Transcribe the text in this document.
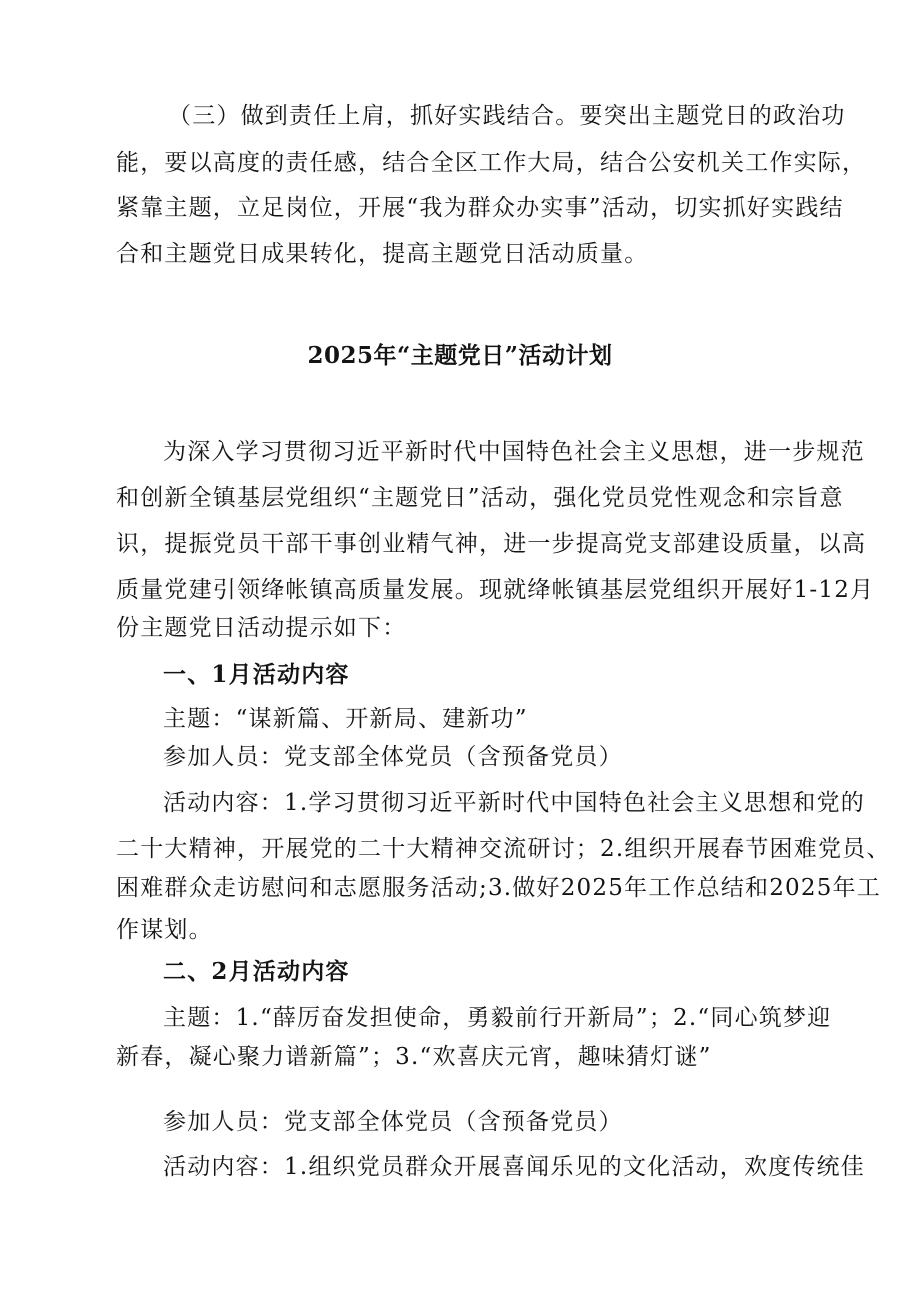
（三）做到责任上肩，抓好实践结合。要突出主题党日的政治功
能，要以高度的责任感，结合全区工作大局，结合公安机关工作实际，
紧靠主题，立足岗位，开展“我为群众办实事”活动，切实抓好实践结
合和主题党日成果转化，提高主题党日活动质量。
2025年“主题党日”活动计划
为深入学习贯彻习近平新时代中国特色社会主义思想，进一步规范
和创新全镇基层党组织“主题党日”活动，强化党员党性观念和宗旨意
识，提振党员干部干事创业精气神，进一步提高党支部建设质量，以高
质量党建引领绛帐镇高质量发展。现就绛帐镇基层党组织开展好1-12月
份主题党日活动提示如下：
一、1月活动内容
主题：“谋新篇、开新局、建新功”
参加人员：党支部全体党员（含预备党员）
活动内容：1.学习贯彻习近平新时代中国特色社会主义思想和党的
二十大精神，开展党的二十大精神交流研讨；2.组织开展春节困难党员、
困难群众走访慰问和志愿服务活动;3.做好2025年工作总结和2025年工
作谋划。
二、2月活动内容
主题：1.“薛厉奋发担使命，勇毅前行开新局”；2.“同心筑梦迎
新春，凝心聚力谱新篇”；3.“欢喜庆元宵，趣味猜灯谜”
参加人员：党支部全体党员（含预备党员）
活动内容：1.组织党员群众开展喜闻乐见的文化活动，欢度传统佳
